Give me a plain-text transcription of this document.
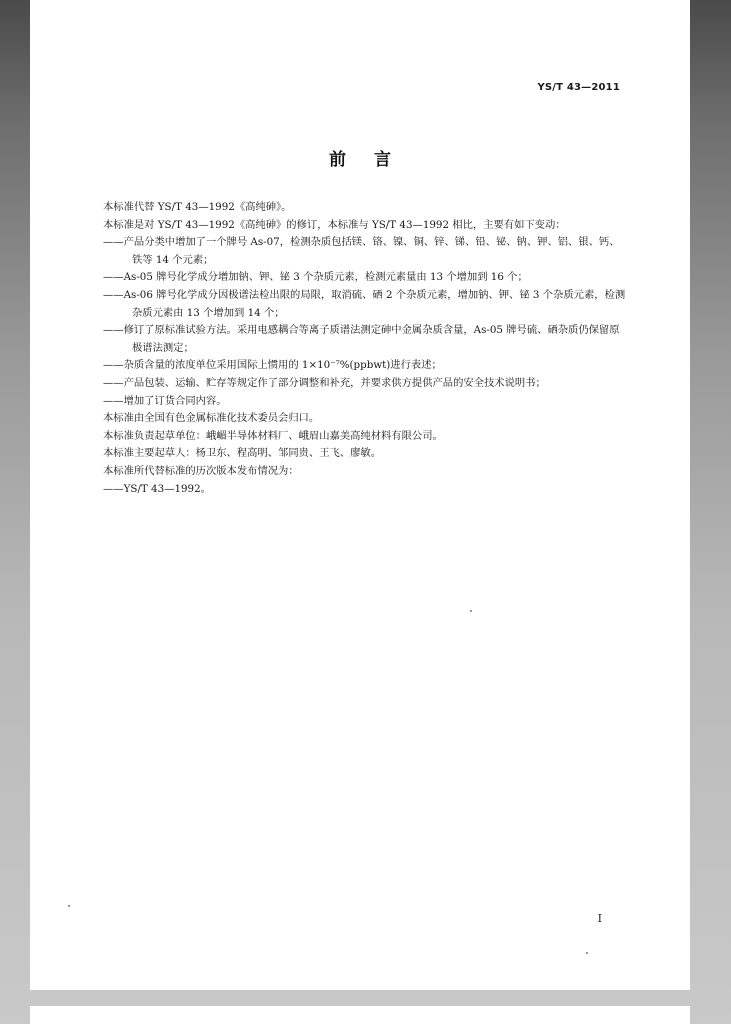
YS/T 43—2011
前言

本标准代替 YS/T 43—1992《高纯砷》。

本标准是对 YS/T 43—1992《高纯砷》的修订，本标准与 YS/T 43—1992 相比，主要有如下变动：

——产品分类中增加了一个牌号 As-07，检测杂质包括镁、铬、镍、铜、锌、锑、铅、铋、钠、钾、铝、银、钙、铁等 14 个元素；

——As-05 牌号化学成分增加钠、钾、铋 3 个杂质元素，检测元素量由 13 个增加到 16 个；

——As-06 牌号化学成分因极谱法检出限的局限，取消硫、硒 2 个杂质元素，增加钠、钾、铋 3 个杂质元素，检测杂质元素由 13 个增加到 14 个；

——修订了原标准试验方法。采用电感耦合等离子质谱法测定砷中金属杂质含量，As-05 牌号硫、硒杂质仍保留原极谱法测定；

——杂质含量的浓度单位采用国际上惯用的 1×10⁻⁷%(ppbwt)进行表述；

——产品包装、运输、贮存等规定作了部分调整和补充，并要求供方提供产品的安全技术说明书；

——增加了订货合同内容。

本标准由全国有色金属标准化技术委员会归口。

本标准负责起草单位：峨嵋半导体材料厂、峨眉山嘉美高纯材料有限公司。

本标准主要起草人：杨卫东、程高明、邹同贵、王飞、廖敏。

本标准所代替标准的历次版本发布情况为：

——YS/T 43—1992。

I
